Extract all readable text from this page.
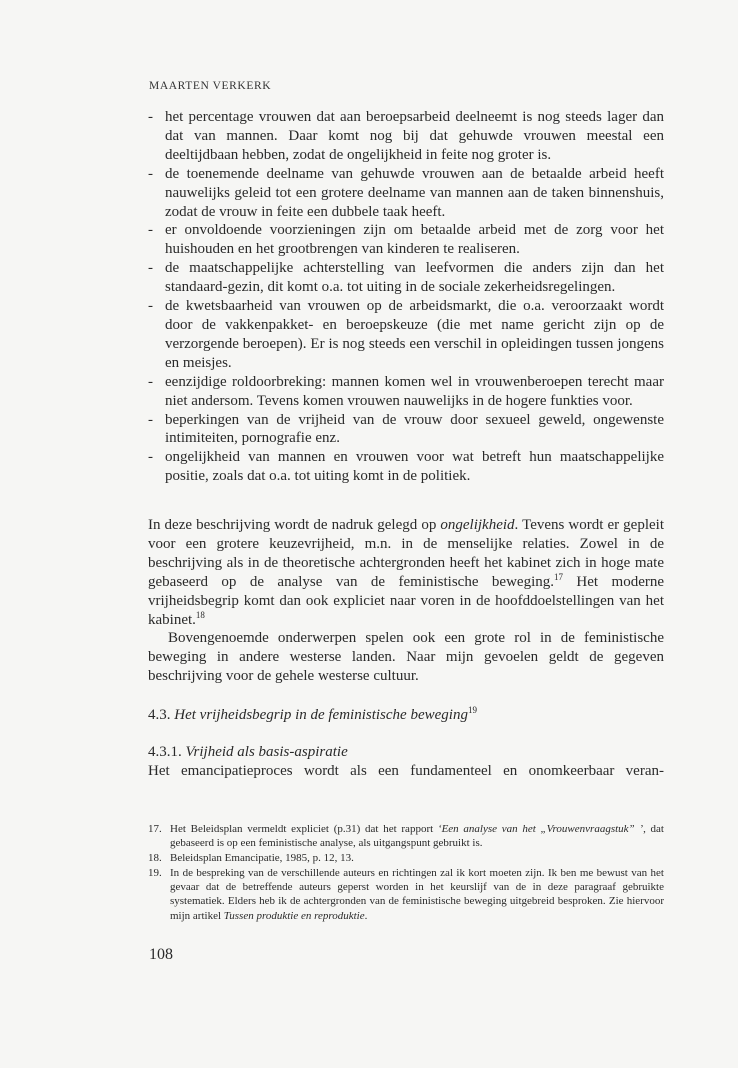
MAARTEN VERKERK
- het percentage vrouwen dat aan beroepsarbeid deelneemt is nog steeds lager dan dat van mannen. Daar komt nog bij dat gehuwde vrouwen meestal een deeltijdbaan hebben, zodat de ongelijkheid in feite nog groter is.
- de toenemende deelname van gehuwde vrouwen aan de betaalde arbeid heeft nauwelijks geleid tot een grotere deelname van mannen aan de taken binnenshuis, zodat de vrouw in feite een dubbele taak heeft.
- er onvoldoende voorzieningen zijn om betaalde arbeid met de zorg voor het huishouden en het grootbrengen van kinderen te realiseren.
- de maatschappelijke achterstelling van leefvormen die anders zijn dan het standaard-gezin, dit komt o.a. tot uiting in de sociale zekerheidsregelingen.
- de kwetsbaarheid van vrouwen op de arbeidsmarkt, die o.a. veroorzaakt wordt door de vakkenpakket- en beroepskeuze (die met name gericht zijn op de verzorgende beroepen). Er is nog steeds een verschil in opleidingen tussen jongens en meisjes.
- eenzijdige roldoorbreking: mannen komen wel in vrouwenberoepen terecht maar niet andersom. Tevens komen vrouwen nauwelijks in de hogere funkties voor.
- beperkingen van de vrijheid van de vrouw door sexueel geweld, ongewenste intimiteiten, pornografie enz.
- ongelijkheid van mannen en vrouwen voor wat betreft hun maatschappelijke positie, zoals dat o.a. tot uiting komt in de politiek.

In deze beschrijving wordt de nadruk gelegd op ongelijkheid. Tevens wordt er gepleit voor een grotere keuzevrijheid, m.n. in de menselijke relaties. Zowel in de beschrijving als in de theoretische achtergronden heeft het kabinet zich in hoge mate gebaseerd op de analyse van de feministische beweging.$^{17}$ Het moderne vrijheidsbegrip komt dan ook expliciet naar voren in de hoofddoelstellingen van het kabinet.$^{18}$

Bovengenoemde onderwerpen spelen ook een grote rol in de feministische beweging in andere westerse landen. Naar mijn gevoelen geldt de gegeven beschrijving voor de gehele westerse cultuur.

4.3. Het vrijheidsbegrip in de feministische beweging$^{19}$
4.3.1. Vrijheid als basis-aspiratie
Het emancipatieproces wordt als een fundamenteel en onomkeerbaar veran-
17. Het Beleidsplan vermeldt expliciet (p.31) dat het rapport ‘Een analyse van het „Vrouwenvraagstuk” ’, dat gebaseerd is op een feministische analyse, als uitgangspunt gebruikt is.
18. Beleidsplan Emancipatie, 1985, p. 12, 13.
19. In de bespreking van de verschillende auteurs en richtingen zal ik kort moeten zijn. Ik ben me bewust van het gevaar dat de betreffende auteurs geperst worden in het keurslijf van de in deze paragraaf gebruikte systematiek. Elders heb ik de achtergronden van de feministische beweging uitgebreid besproken. Zie hiervoor mijn artikel Tussen produktie en reproduktie.
108
